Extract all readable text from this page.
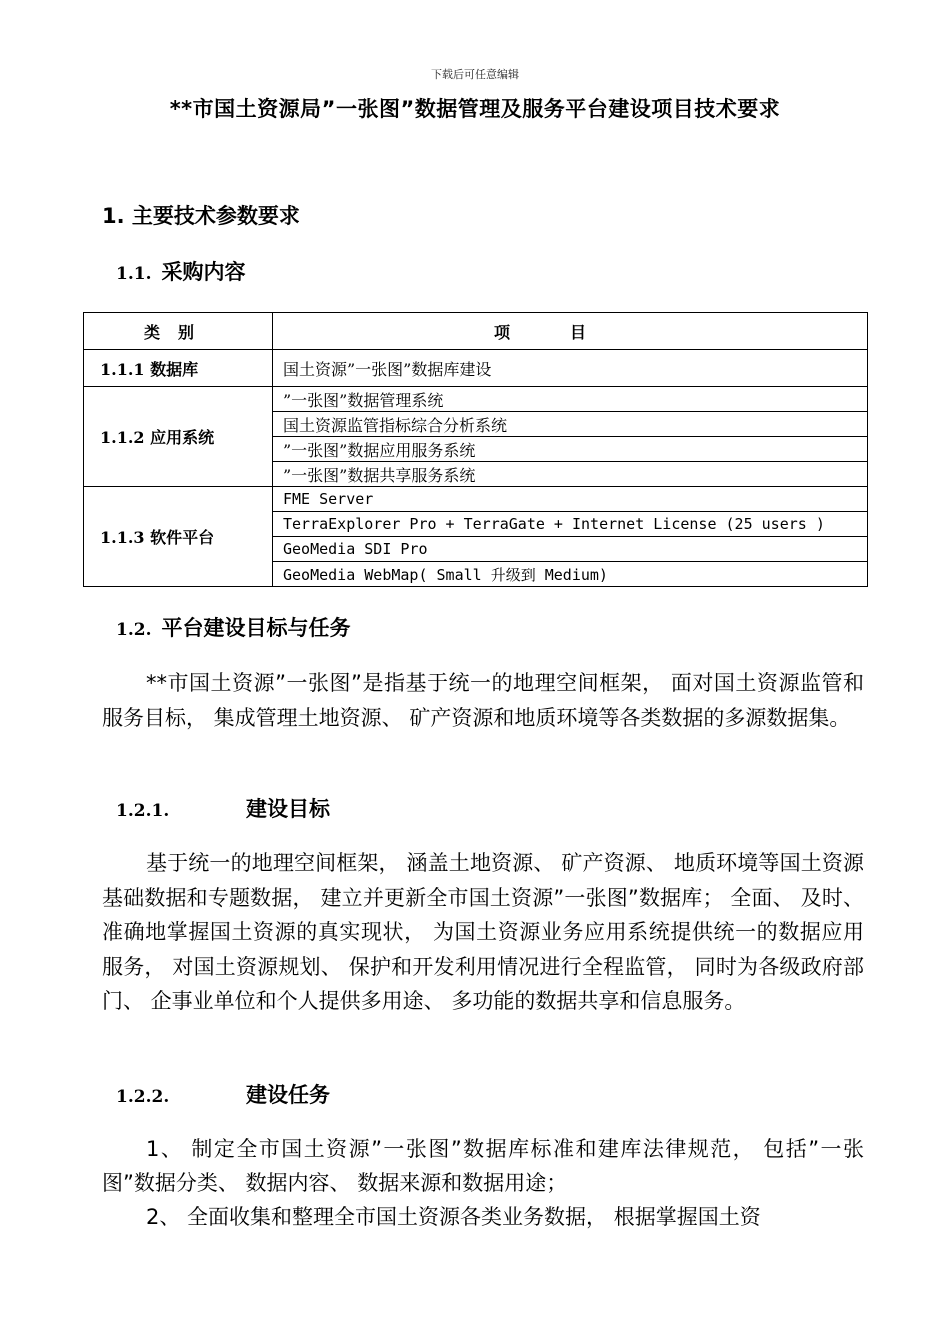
下载后可任意编辑
**市国土资源局”一张图”数据管理及服务平台建设项目技术要求
1. 主要技术参数要求
1.1. 采购内容
类别	项目
1.1.1 数据库	国土资源”一张图”数据库建设
1.1.2 应用系统	”一张图”数据管理系统
	国土资源监管指标综合分析系统
	”一张图”数据应用服务系统
	”一张图”数据共享服务系统
1.1.3 软件平台	FME Server
	TerraExplorer Pro + TerraGate + Internet License (25 users )
	GeoMedia SDI Pro
	GeoMedia WebMap( Small 升级到 Medium)
1.2. 平台建设目标与任务
**市国土资源”一张图”是指基于统一的地理空间框架， 面对国土资源监管和服务目标， 集成管理土地资源、 矿产资源和地质环境等各类数据的多源数据集。
1.2.1.	建设目标
基于统一的地理空间框架， 涵盖土地资源、 矿产资源、 地质环境等国土资源基础数据和专题数据， 建立并更新全市国土资源”一张图”数据库； 全面、 及时、 准确地掌握国土资源的真实现状， 为国土资源业务应用系统提供统一的数据应用服务， 对国土资源规划、 保护和开发利用情况进行全程监管， 同时为各级政府部门、 企事业单位和个人提供多用途、 多功能的数据共享和信息服务。
1.2.2.	建设任务
1、 制定全市国土资源”一张图”数据库标准和建库法律规范， 包括”一张图”数据分类、 数据内容、 数据来源和数据用途；
2、 全面收集和整理全市国土资源各类业务数据， 根据掌握国土资
